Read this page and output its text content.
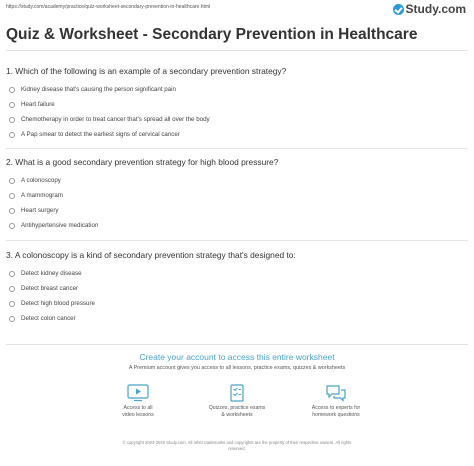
https://study.com/academy/practice/quiz-worksheet-secondary-prevention-in-healthcare.html	Study.com
Quiz & Worksheet - Secondary Prevention in Healthcare
1. Which of the following is an example of a secondary prevention strategy?
Kidney disease that's causing the person significant pain
Heart failure
Chemotherapy in order to treat cancer that's spread all over the body
A Pap smear to detect the earliest signs of cervical cancer
2. What is a good secondary prevention strategy for high blood pressure?
A colonoscopy
A mammogram
Heart surgery
Antihypertensive medication
3. A colonoscopy is a kind of secondary prevention strategy that's designed to:
Detect kidney disease
Detect breast cancer
Detect high blood pressure
Detect colon cancer
Create your account to access this entire worksheet
A Premium account gives you access to all lessons, practice exams, quizzes & worksheets
Access to all
video lessons
Quizzes, practice exams
& worksheets
Access to experts for
homework questions
© copyright 2003-2020 Study.com. All other trademarks and copyrights are the property of their respective owners. All rights
reserved.
